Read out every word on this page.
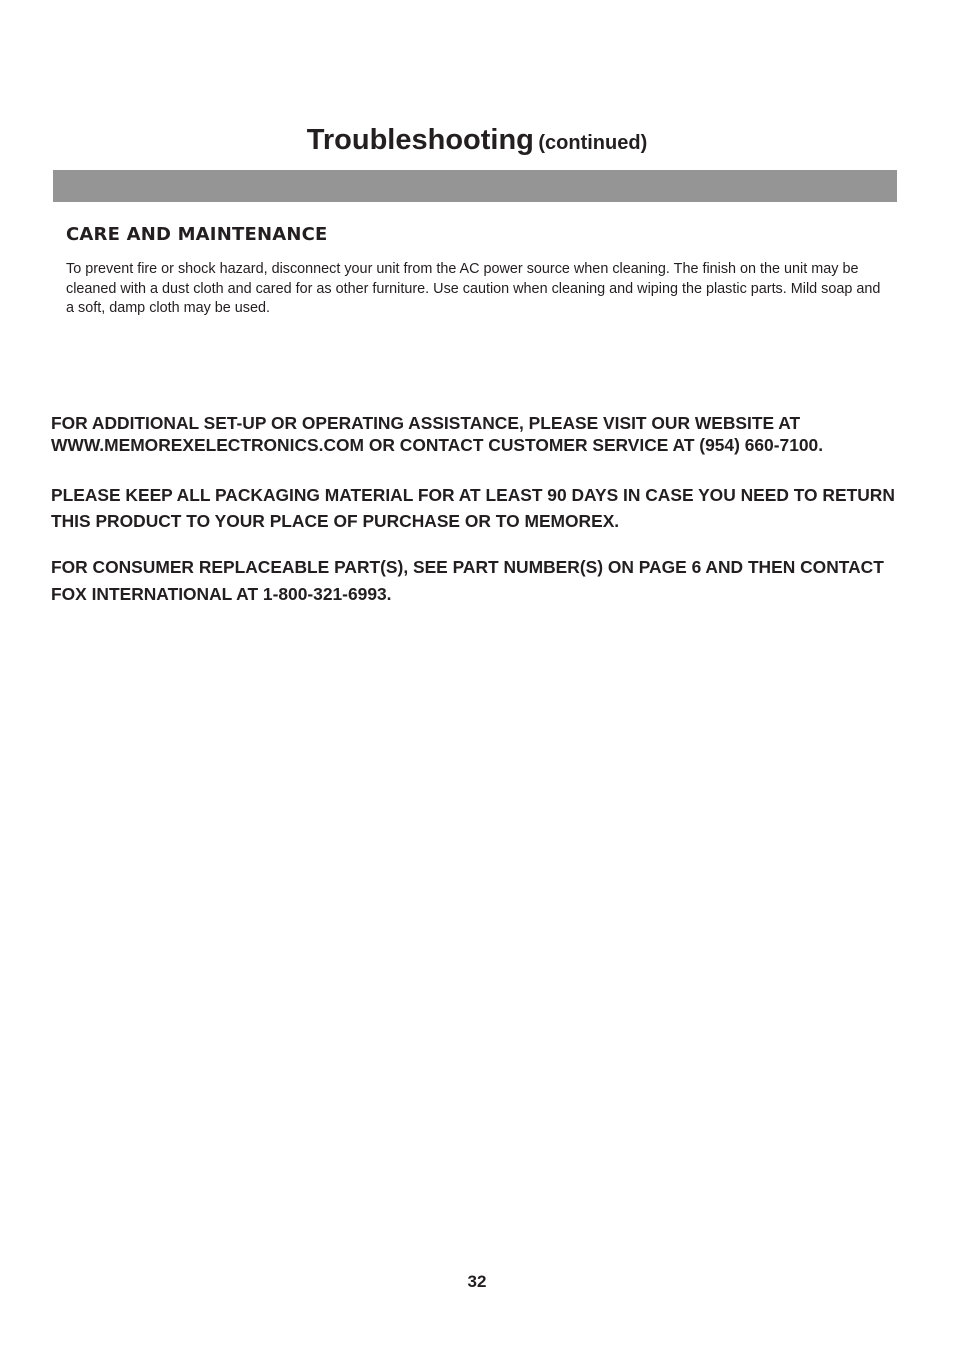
Troubleshooting (continued)
CARE AND MAINTENANCE

To prevent fire or shock hazard, disconnect your unit from the AC power source when cleaning. The finish on the unit may be cleaned with a dust cloth and cared for as other furniture. Use caution when cleaning and wiping the plastic parts. Mild soap and a soft, damp cloth may be used.

FOR ADDITIONAL SET-UP OR OPERATING ASSISTANCE, PLEASE VISIT OUR WEBSITE AT WWW.MEMOREXELECTRONICS.COM OR CONTACT CUSTOMER SERVICE AT (954) 660-7100.

PLEASE KEEP ALL PACKAGING MATERIAL FOR AT LEAST 90 DAYS IN CASE YOU NEED TO RETURN THIS PRODUCT TO YOUR PLACE OF PURCHASE OR TO MEMOREX.

FOR CONSUMER REPLACEABLE PART(S), SEE PART NUMBER(S) ON PAGE 6 AND THEN CONTACT FOX INTERNATIONAL AT 1-800-321-6993.

32
